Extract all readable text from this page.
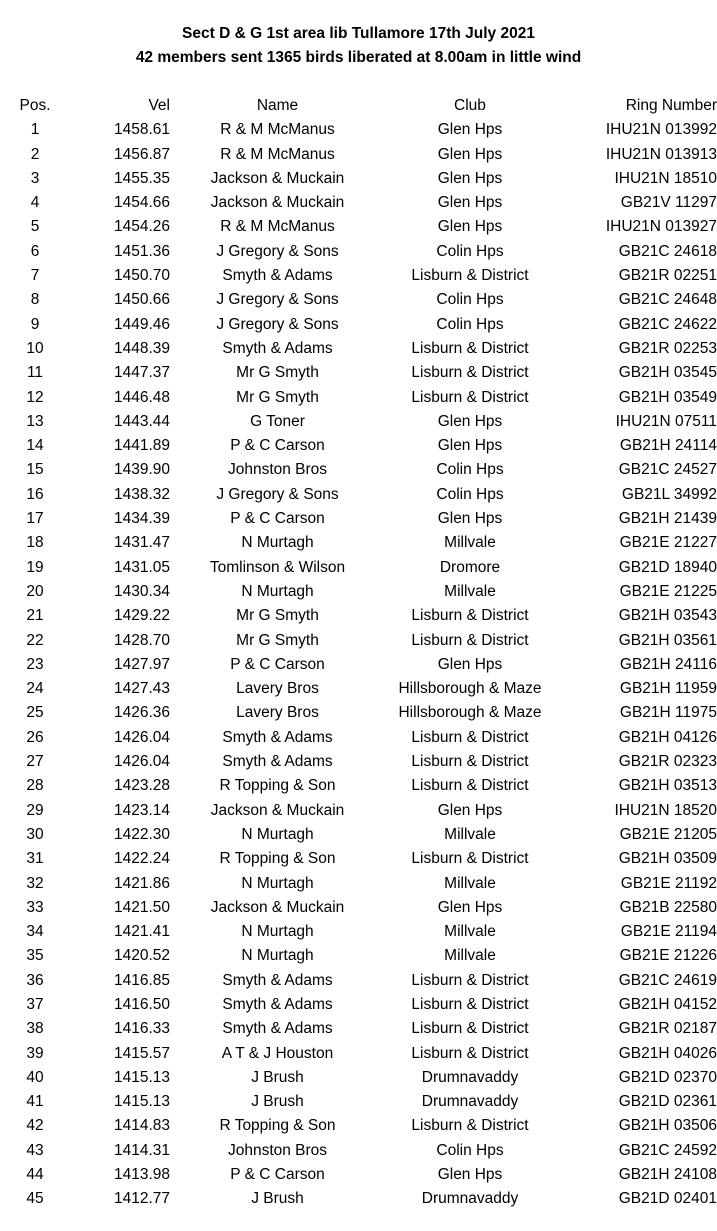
Sect D & G 1st area lib Tullamore 17th July 2021
42 members sent 1365 birds liberated at 8.00am in little wind
Pos.	Vel	Name	Club	Ring Number
1	1458.61	R & M McManus	Glen Hps	IHU21N 013992
2	1456.87	R & M McManus	Glen Hps	IHU21N 013913
3	1455.35	Jackson & Muckain	Glen Hps	IHU21N 18510
4	1454.66	Jackson & Muckain	Glen Hps	GB21V 11297
5	1454.26	R & M McManus	Glen Hps	IHU21N 013927
6	1451.36	J Gregory & Sons	Colin Hps	GB21C 24618
7	1450.70	Smyth & Adams	Lisburn & District	GB21R 02251
8	1450.66	J Gregory & Sons	Colin Hps	GB21C 24648
9	1449.46	J Gregory & Sons	Colin Hps	GB21C 24622
10	1448.39	Smyth & Adams	Lisburn & District	GB21R 02253
11	1447.37	Mr G Smyth	Lisburn & District	GB21H 03545
12	1446.48	Mr G Smyth	Lisburn & District	GB21H 03549
13	1443.44	G Toner	Glen Hps	IHU21N 07511
14	1441.89	P & C Carson	Glen Hps	GB21H 24114
15	1439.90	Johnston Bros	Colin Hps	GB21C 24527
16	1438.32	J Gregory & Sons	Colin Hps	GB21L 34992
17	1434.39	P & C Carson	Glen Hps	GB21H 21439
18	1431.47	N Murtagh	Millvale	GB21E 21227
19	1431.05	Tomlinson & Wilson	Dromore	GB21D 18940
20	1430.34	N Murtagh	Millvale	GB21E 21225
21	1429.22	Mr G Smyth	Lisburn & District	GB21H 03543
22	1428.70	Mr G Smyth	Lisburn & District	GB21H 03561
23	1427.97	P & C Carson	Glen Hps	GB21H 24116
24	1427.43	Lavery Bros	Hillsborough & Maze	GB21H 11959
25	1426.36	Lavery Bros	Hillsborough & Maze	GB21H 11975
26	1426.04	Smyth & Adams	Lisburn & District	GB21H 04126
27	1426.04	Smyth & Adams	Lisburn & District	GB21R 02323
28	1423.28	R Topping & Son	Lisburn & District	GB21H 03513
29	1423.14	Jackson & Muckain	Glen Hps	IHU21N 18520
30	1422.30	N Murtagh	Millvale	GB21E 21205
31	1422.24	R Topping & Son	Lisburn & District	GB21H 03509
32	1421.86	N Murtagh	Millvale	GB21E 21192
33	1421.50	Jackson & Muckain	Glen Hps	GB21B 22580
34	1421.41	N Murtagh	Millvale	GB21E 21194
35	1420.52	N Murtagh	Millvale	GB21E 21226
36	1416.85	Smyth & Adams	Lisburn & District	GB21C 24619
37	1416.50	Smyth & Adams	Lisburn & District	GB21H 04152
38	1416.33	Smyth & Adams	Lisburn & District	GB21R 02187
39	1415.57	A T & J Houston	Lisburn & District	GB21H 04026
40	1415.13	J Brush	Drumnavaddy	GB21D 02370
41	1415.13	J Brush	Drumnavaddy	GB21D 02361
42	1414.83	R Topping & Son	Lisburn & District	GB21H 03506
43	1414.31	Johnston Bros	Colin Hps	GB21C 24592
44	1413.98	P & C Carson	Glen Hps	GB21H 24108
45	1412.77	J Brush	Drumnavaddy	GB21D 02401
